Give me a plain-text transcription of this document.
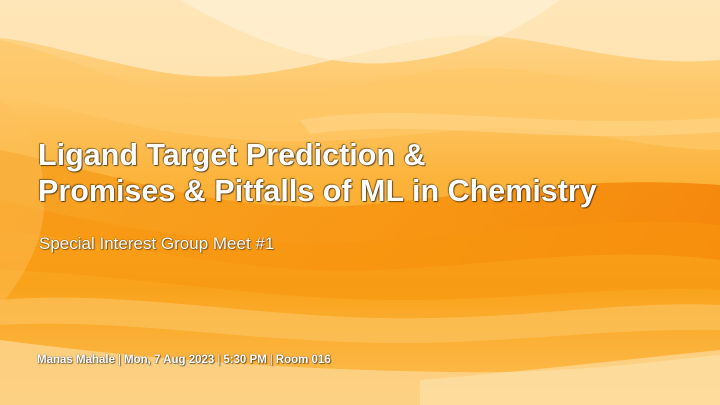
Ligand Target Prediction &
Promises & Pitfalls of ML in Chemistry

Special Interest Group Meet #1

Manas Mahale | Mon, 7 Aug 2023 | 5:30 PM | Room 016
